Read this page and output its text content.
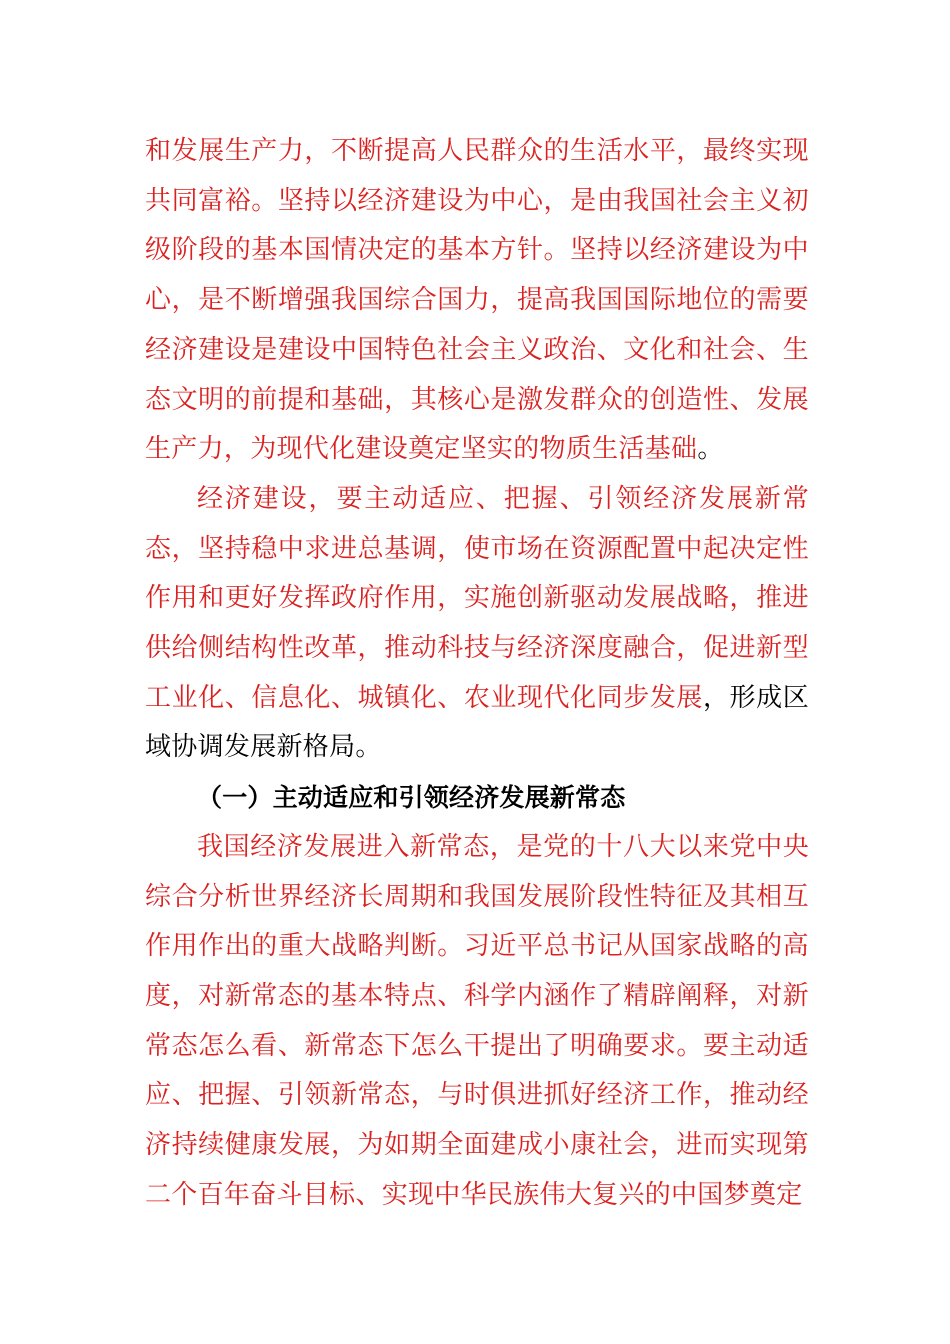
和发展生产力，不断提高人民群众的生活水平，最终实现共同富裕。坚持以经济建设为中心，是由我国社会主义初级阶段的基本国情决定的基本方针。坚持以经济建设为中心，是不断增强我国综合国力，提高我国国际地位的需要经济建设是建设中国特色社会主义政治、文化和社会、生态文明的前提和基础，其核心是激发群众的创造性、发展生产力，为现代化建设奠定坚实的物质生活基础。

经济建设，要主动适应、把握、引领经济发展新常态，坚持稳中求进总基调，使市场在资源配置中起决定性作用和更好发挥政府作用，实施创新驱动发展战略，推进供给侧结构性改革，推动科技与经济深度融合，促进新型工业化、信息化、城镇化、农业现代化同步发展，形成区域协调发展新格局。

（一）主动适应和引领经济发展新常态

我国经济发展进入新常态，是党的十八大以来党中央综合分析世界经济长周期和我国发展阶段性特征及其相互作用作出的重大战略判断。习近平总书记从国家战略的高度，对新常态的基本特点、科学内涵作了精辟阐释，对新常态怎么看、新常态下怎么干提出了明确要求。要主动适应、把握、引领新常态，与时俱进抓好经济工作，推动经济持续健康发展，为如期全面建成小康社会，进而实现第二个百年奋斗目标、实现中华民族伟大复兴的中国梦奠定
